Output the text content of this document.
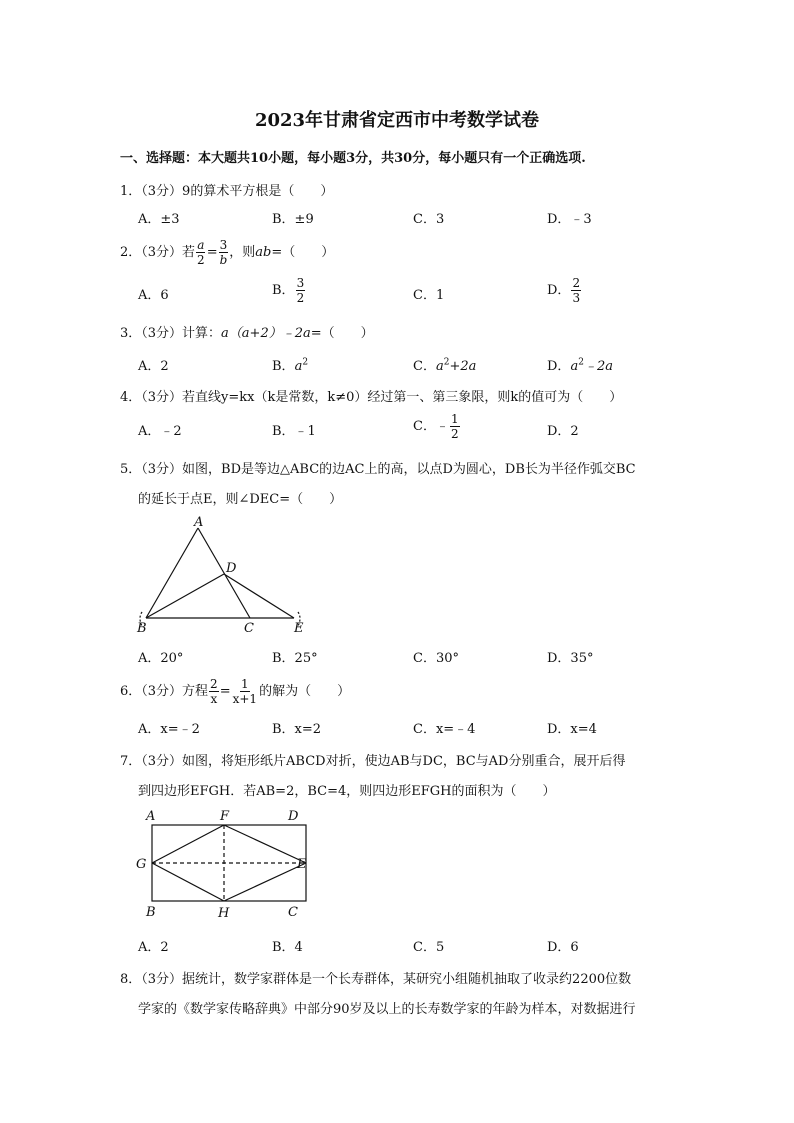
2023年甘肃省定西市中考数学试卷
一、选择题：本大题共10小题，每小题3分，共30分，每小题只有一个正确选项.
1．（3分）9的算术平方根是（　　）
A．±3	B．±9	C．3	D．﹣3
2．（3分）若 $\frac{a}{2} = \frac{3}{b}$ ，则ab=（　　）
A．6	B． $\frac{3}{2}$	C．1	D． $\frac{2}{3}$
3．（3分）计算：a（a+2）﹣2a=（　　）
A．2	B．$a^2$	C．$a^2+2a$	D．$a^2﹣2a$
4．（3分）若直线y=kx（k是常数，k≠0）经过第一、第三象限，则k的值可为（　　）
A．﹣2	B．﹣1	C．﹣ $\frac{1}{2}$	D．2
5．（3分）如图，BD是等边△ABC的边AC上的高，以点D为圆心，DB长为半径作弧交BC
的延长于点E，则∠DEC=（　　）
A
B	C
D
E
A．20°	B．25°	C．30°	D．35°
6．（3分）方程 $\frac{2}{x} = \frac{1}{x+1}$ 的解为（　　）
A．x=﹣2	B．x=2	C．x=﹣4	D．x=4
7．（3分）如图，将矩形纸片ABCD对折，使边AB与DC，BC与AD分别重合，展开后得
到四边形EFGH．若AB=2，BC=4，则四边形EFGH的面积为（　　）
A	F	D
G	E
B	H	C
A．2	B．4	C．5	D．6
8．（3分）据统计，数学家群体是一个长寿群体，某研究小组随机抽取了收录约2200位数
学家的《数学家传略辞典》中部分90岁及以上的长寿数学家的年龄为样本，对数据进行
